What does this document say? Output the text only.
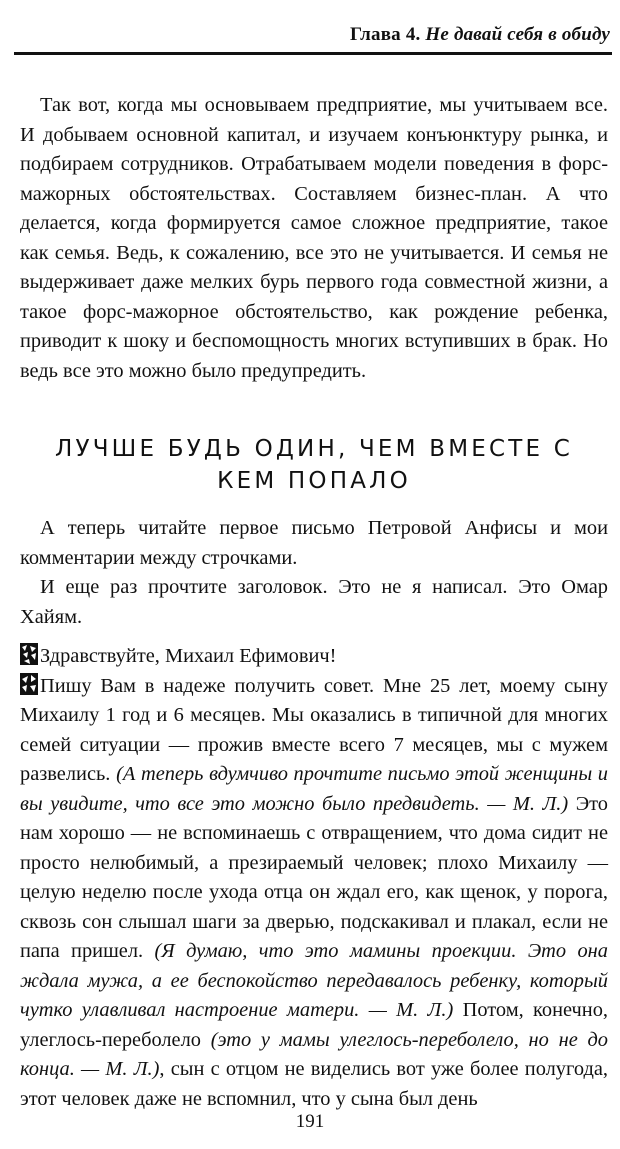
Глава 4. Не давай себя в обиду

Так вот, когда мы основываем предприятие, мы учитываем все. И добываем основной капитал, и изучаем конъюнктуру рынка, и подбираем сотрудников. Отрабатываем модели поведения в форс-мажорных обстоятельствах. Составляем бизнес-план. А что делается, когда формируется самое сложное предприятие, такое как семья. Ведь, к сожалению, все это не учитывается. И семья не выдерживает даже мелких бурь первого года совместной жизни, а такое форс-мажорное обстоятельство, как рождение ребенка, приводит к шоку и беспомощность многих вступивших в брак. Но ведь все это можно было предупредить.

ЛУЧШЕ БУДЬ ОДИН, ЧЕМ ВМЕСТЕ С
КЕМ ПОПАЛО

А теперь читайте первое письмо Петровой Анфисы и мои комментарии между строчками.

И еще раз прочтите заголовок. Это не я написал. Это Омар Хайям.

Здравствуйте, Михаил Ефимович!

Пишу Вам в надеже получить совет. Мне 25 лет, моему сыну Михаилу 1 год и 6 месяцев. Мы оказались в типичной для многих семей ситуации — прожив вместе всего 7 месяцев, мы с мужем развелись. (А теперь вдумчиво прочтите письмо этой женщины и вы увидите, что все это можно было предвидеть. — М. Л.) Это нам хорошо — не вспоминаешь с отвращением, что дома сидит не просто нелюбимый, а презираемый человек; плохо Михаилу — целую неделю после ухода отца он ждал его, как щенок, у порога, сквозь сон слышал шаги за дверью, подскакивал и плакал, если не папа пришел. (Я думаю, что это мамины проекции. Это она ждала мужа, а ее беспокойство передавалось ребенку, который чутко улавливал настроение матери. — М. Л.) Потом, конечно, улеглось-переболело (это у мамы улеглось-переболело, но не до конца. — М. Л.), сын с отцом не виделись вот уже более полугода, этот человек даже не вспомнил, что у сына был день

191
